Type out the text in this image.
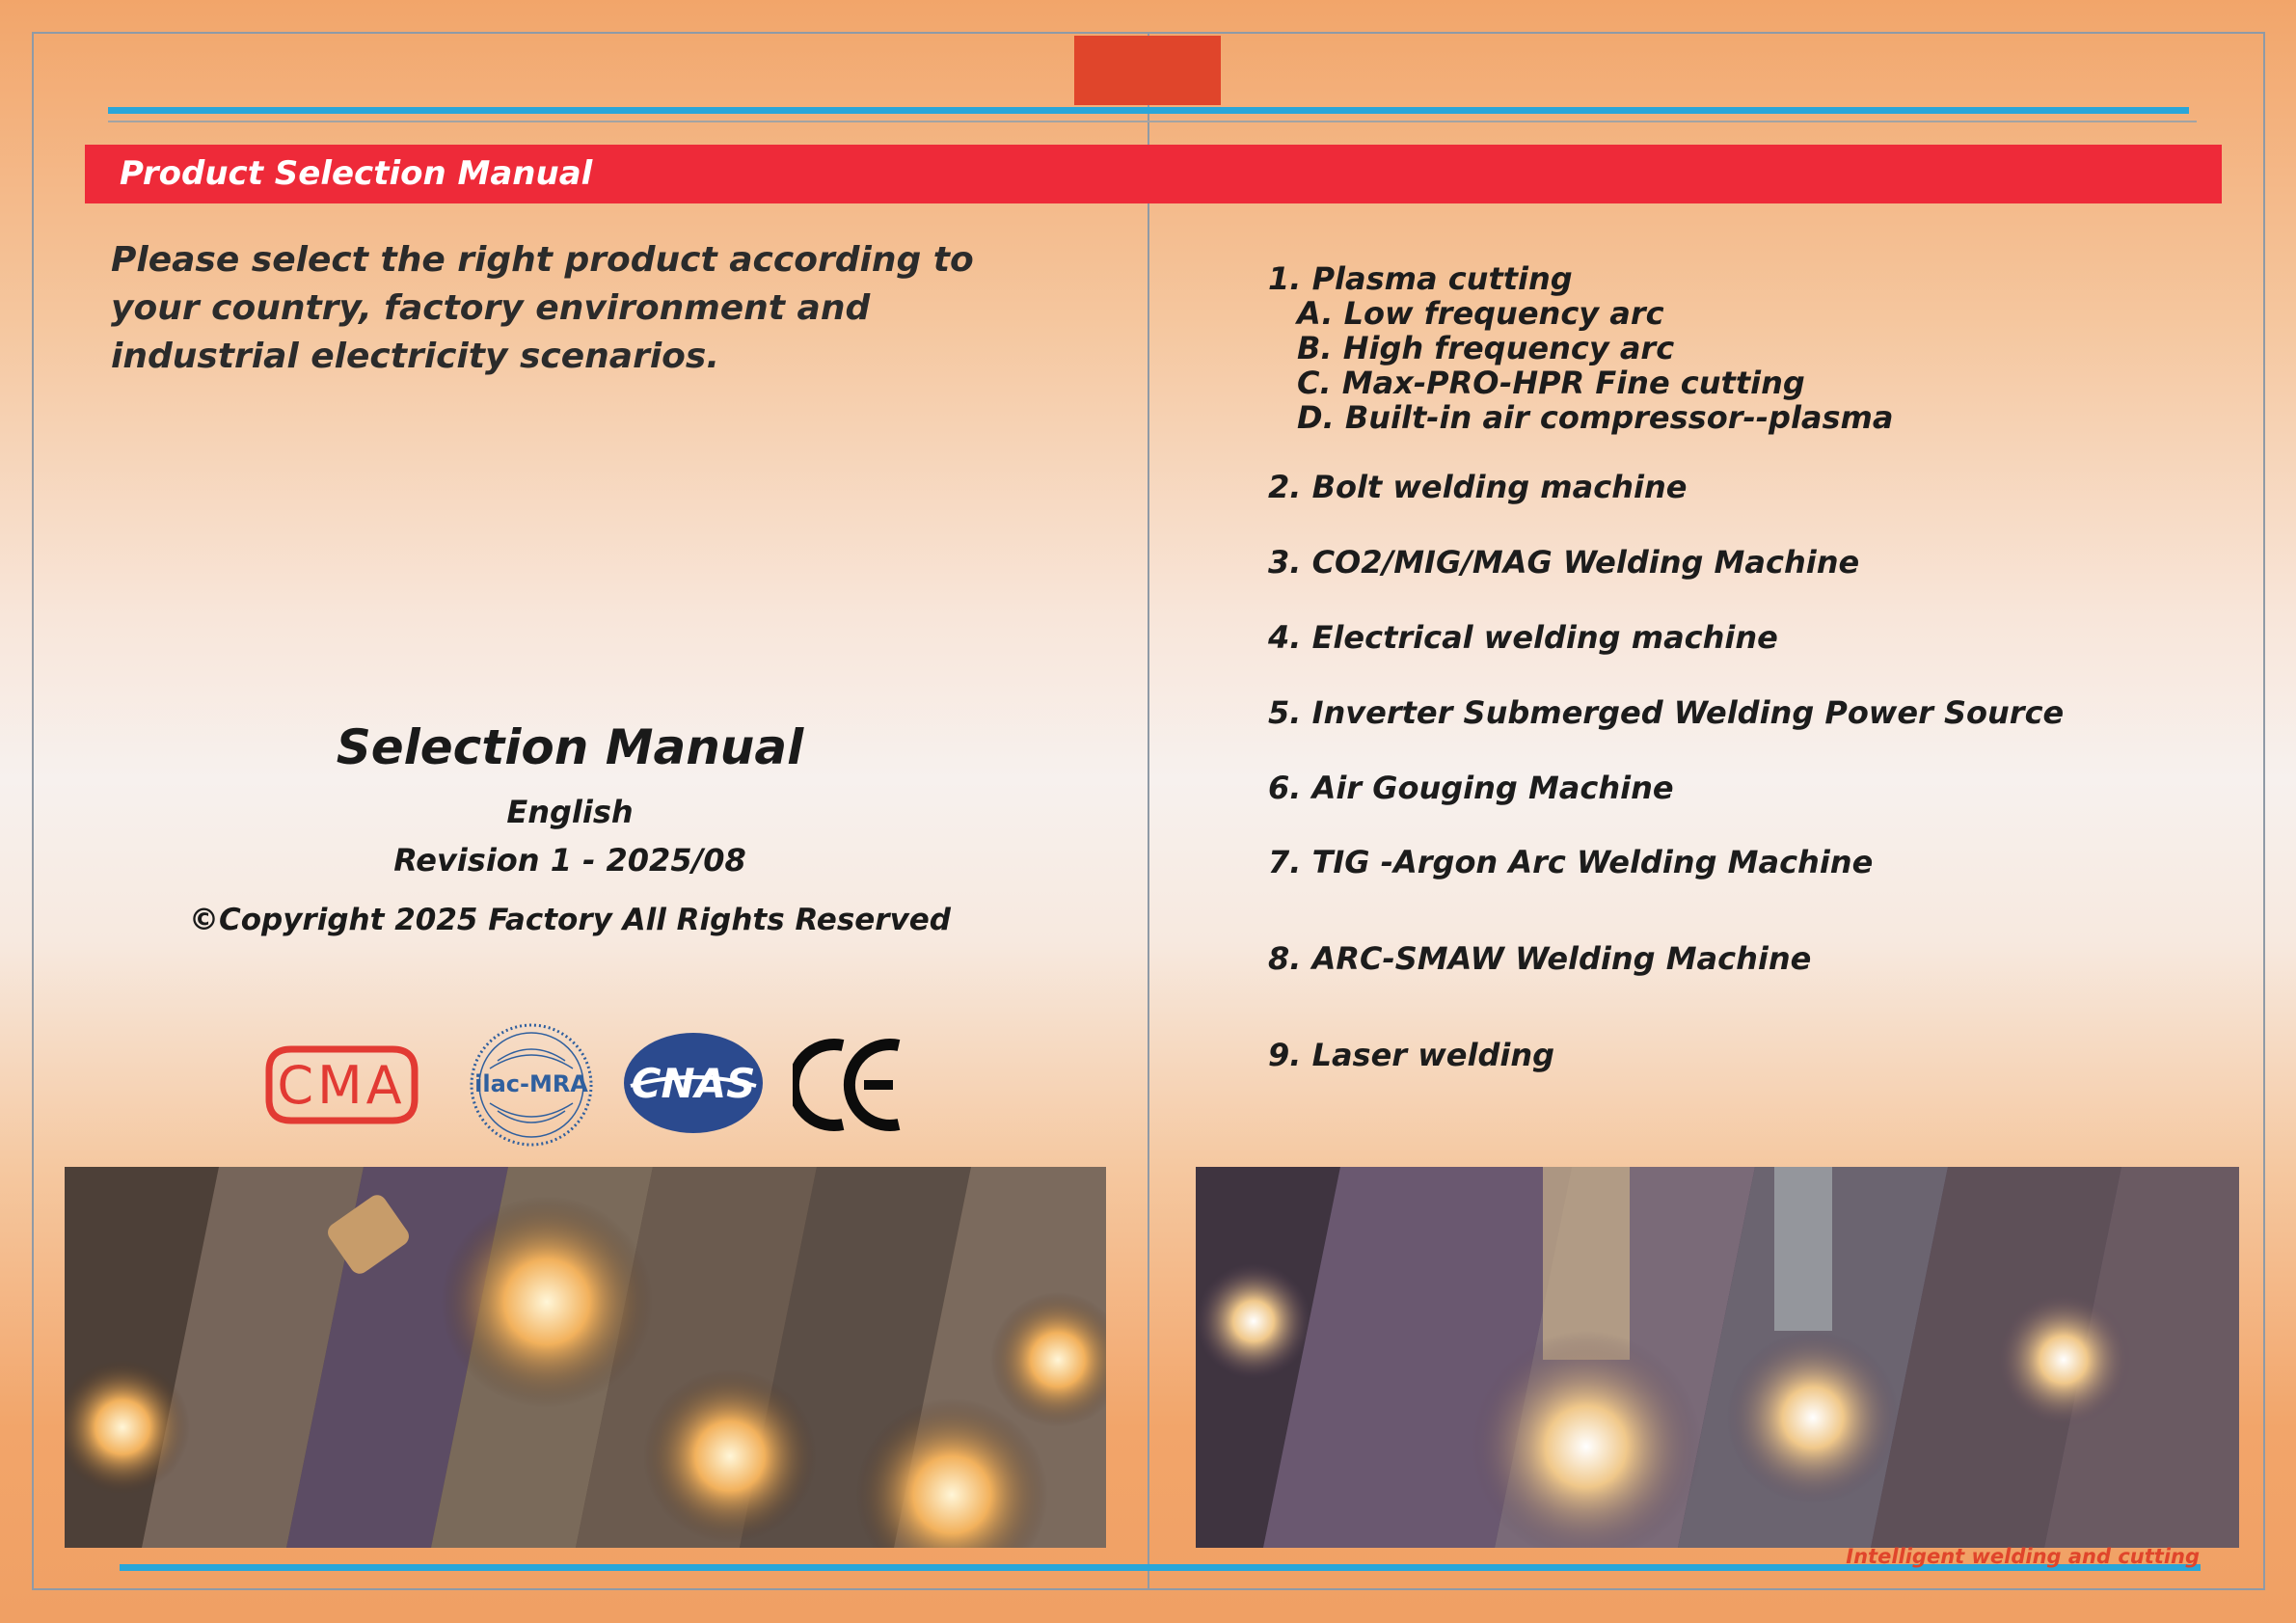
Product Selection Manual

Please select the right product according to your country, factory environment and industrial electricity scenarios.

Selection Manual
English
Revision 1 - 2025/08
©Copyright 2025 Factory All Rights Reserved
CMA	ilac-MRA CNAS
1. Plasma cutting
A. Low frequency arc
B. High frequency arc
C. Max-PRO-HPR Fine cutting
D. Built-in air compressor--plasma
2. Bolt welding machine
3. CO2/MIG/MAG Welding Machine
4. Electrical welding machine
5. Inverter Submerged Welding Power Source
6. Air Gouging Machine
7. TIG -Argon Arc Welding Machine
8. ARC-SMAW Welding Machine
9. Laser welding
Intelligent welding and cutting
